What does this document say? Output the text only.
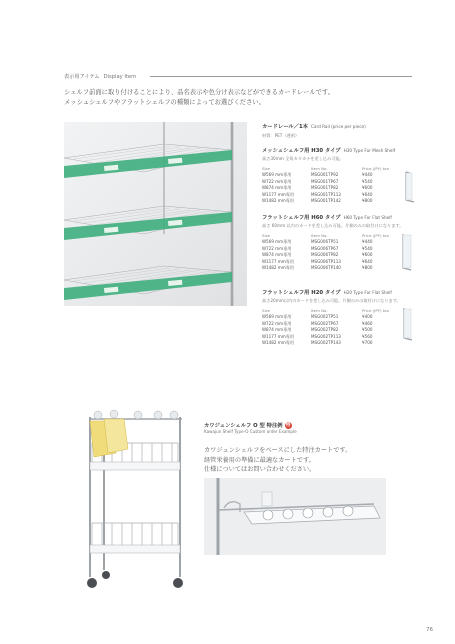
表示用アイテム Display Item
シェルフ前面に取り付けることにより、品名表示や色分け表示などができるカードレールです。
メッシュシェルフやフラットシェルフの種類によってお選びください。
カードレール／1本 Card Rail (price per piece)
材質：PET（透明）
メッシュシェルフ用 H30 タイプ H30 Type For Mesh Shelf
高さ30mm 全角カタカナを差し込み可能。
Size	Item No.	Price (JPY) tax
W569 mm専用	MSG001TP92	¥440
W722 mm専用	MSG001TP67	¥540
W874 mm専用	MSG001TP82	¥600
W1177 mm専用	MSG001TP113	¥640
W1482 mm専用	MSG001TP142	¥800
フラットシェルフ用 H60 タイプ H60 Type For Flat Shelf
高さ 60mm 以内のカードを差し込み可能。片側のみの取付けになります。
Size	Item No.	Price (JPY) tax
W569 mm専用	MSG006TP51	¥440
W722 mm専用	MSG006TP67	¥540
W874 mm専用	MSG006TP82	¥600
W1177 mm専用	MSG006TP113	¥640
W1482 mm専用	MSG006TP140	¥800
フラットシェルフ用 H20 タイプ H20 Type For Flat Shelf
高さ20mm以内のカードを差し込み可能。片側のみの取付けになります。
Size	Item No.	Price (JPY) tax
W569 mm専用	MSG002TP51	¥400
W722 mm専用	MSG002TP67	¥460
W874 mm専用	MSG002TP82	¥500
W1177 mm専用	MSG002TP113	¥560
W1482 mm専用	MSG002TP143	¥700
カワジュンシェルフ O 型 特注例 特
Kawajun Shelf Type-O Custom order Example
カワジュンシェルフをベースにした特注カートです。
経管栄養用の準備に最適なカートです。
仕様についてはお問い合わせください。
76
